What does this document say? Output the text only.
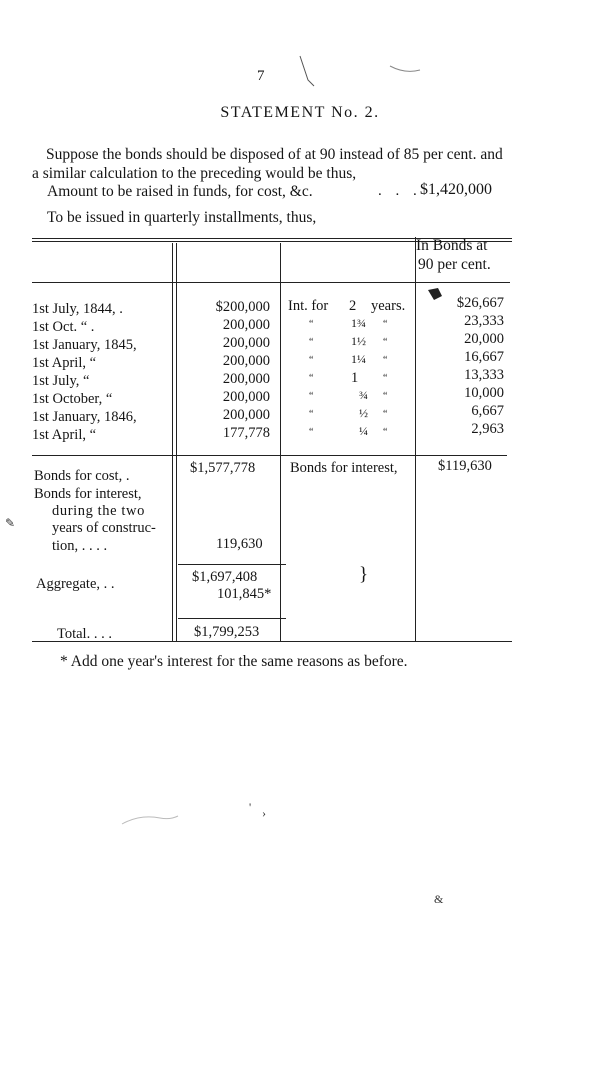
7
STATEMENT No. 2.
Suppose the bonds should be disposed of at 90 instead of 85 per cent. and a similar calculation to the preceding would be thus,
Amount to be raised in funds, for cost, &c.	. . .
$1,420,000
To be issued in quarterly installments, thus,
In Bonds at
90 per cent.
1st July, 1844, .	$200,000 Int. for 2 years.	$26,667
1st Oct. “ .	200,000	“	1¾ “	23,333
1st January, 1845,	200,000	“	1½ “	20,000
1st April, “	200,000	“	1¼ “	16,667
1st July, “	200,000	“	1 “	13,333
1st October, “	200,000	“	¾ “	10,000
1st January, 1846,	200,000	“	½ “	6,667
1st April, “	177,778	“	¼ “	2,963
Bonds for cost, .	$1,577,778 Bonds for interest,	$119,630
Bonds for interest,
during the two
years of construc-
tion, . . . .	119,630
Aggregate, . .	$1,697,408
101,845*
}
Total. . . .	$1,799,253
* Add one year's interest for the same reasons as before.
✎
' ›
&
